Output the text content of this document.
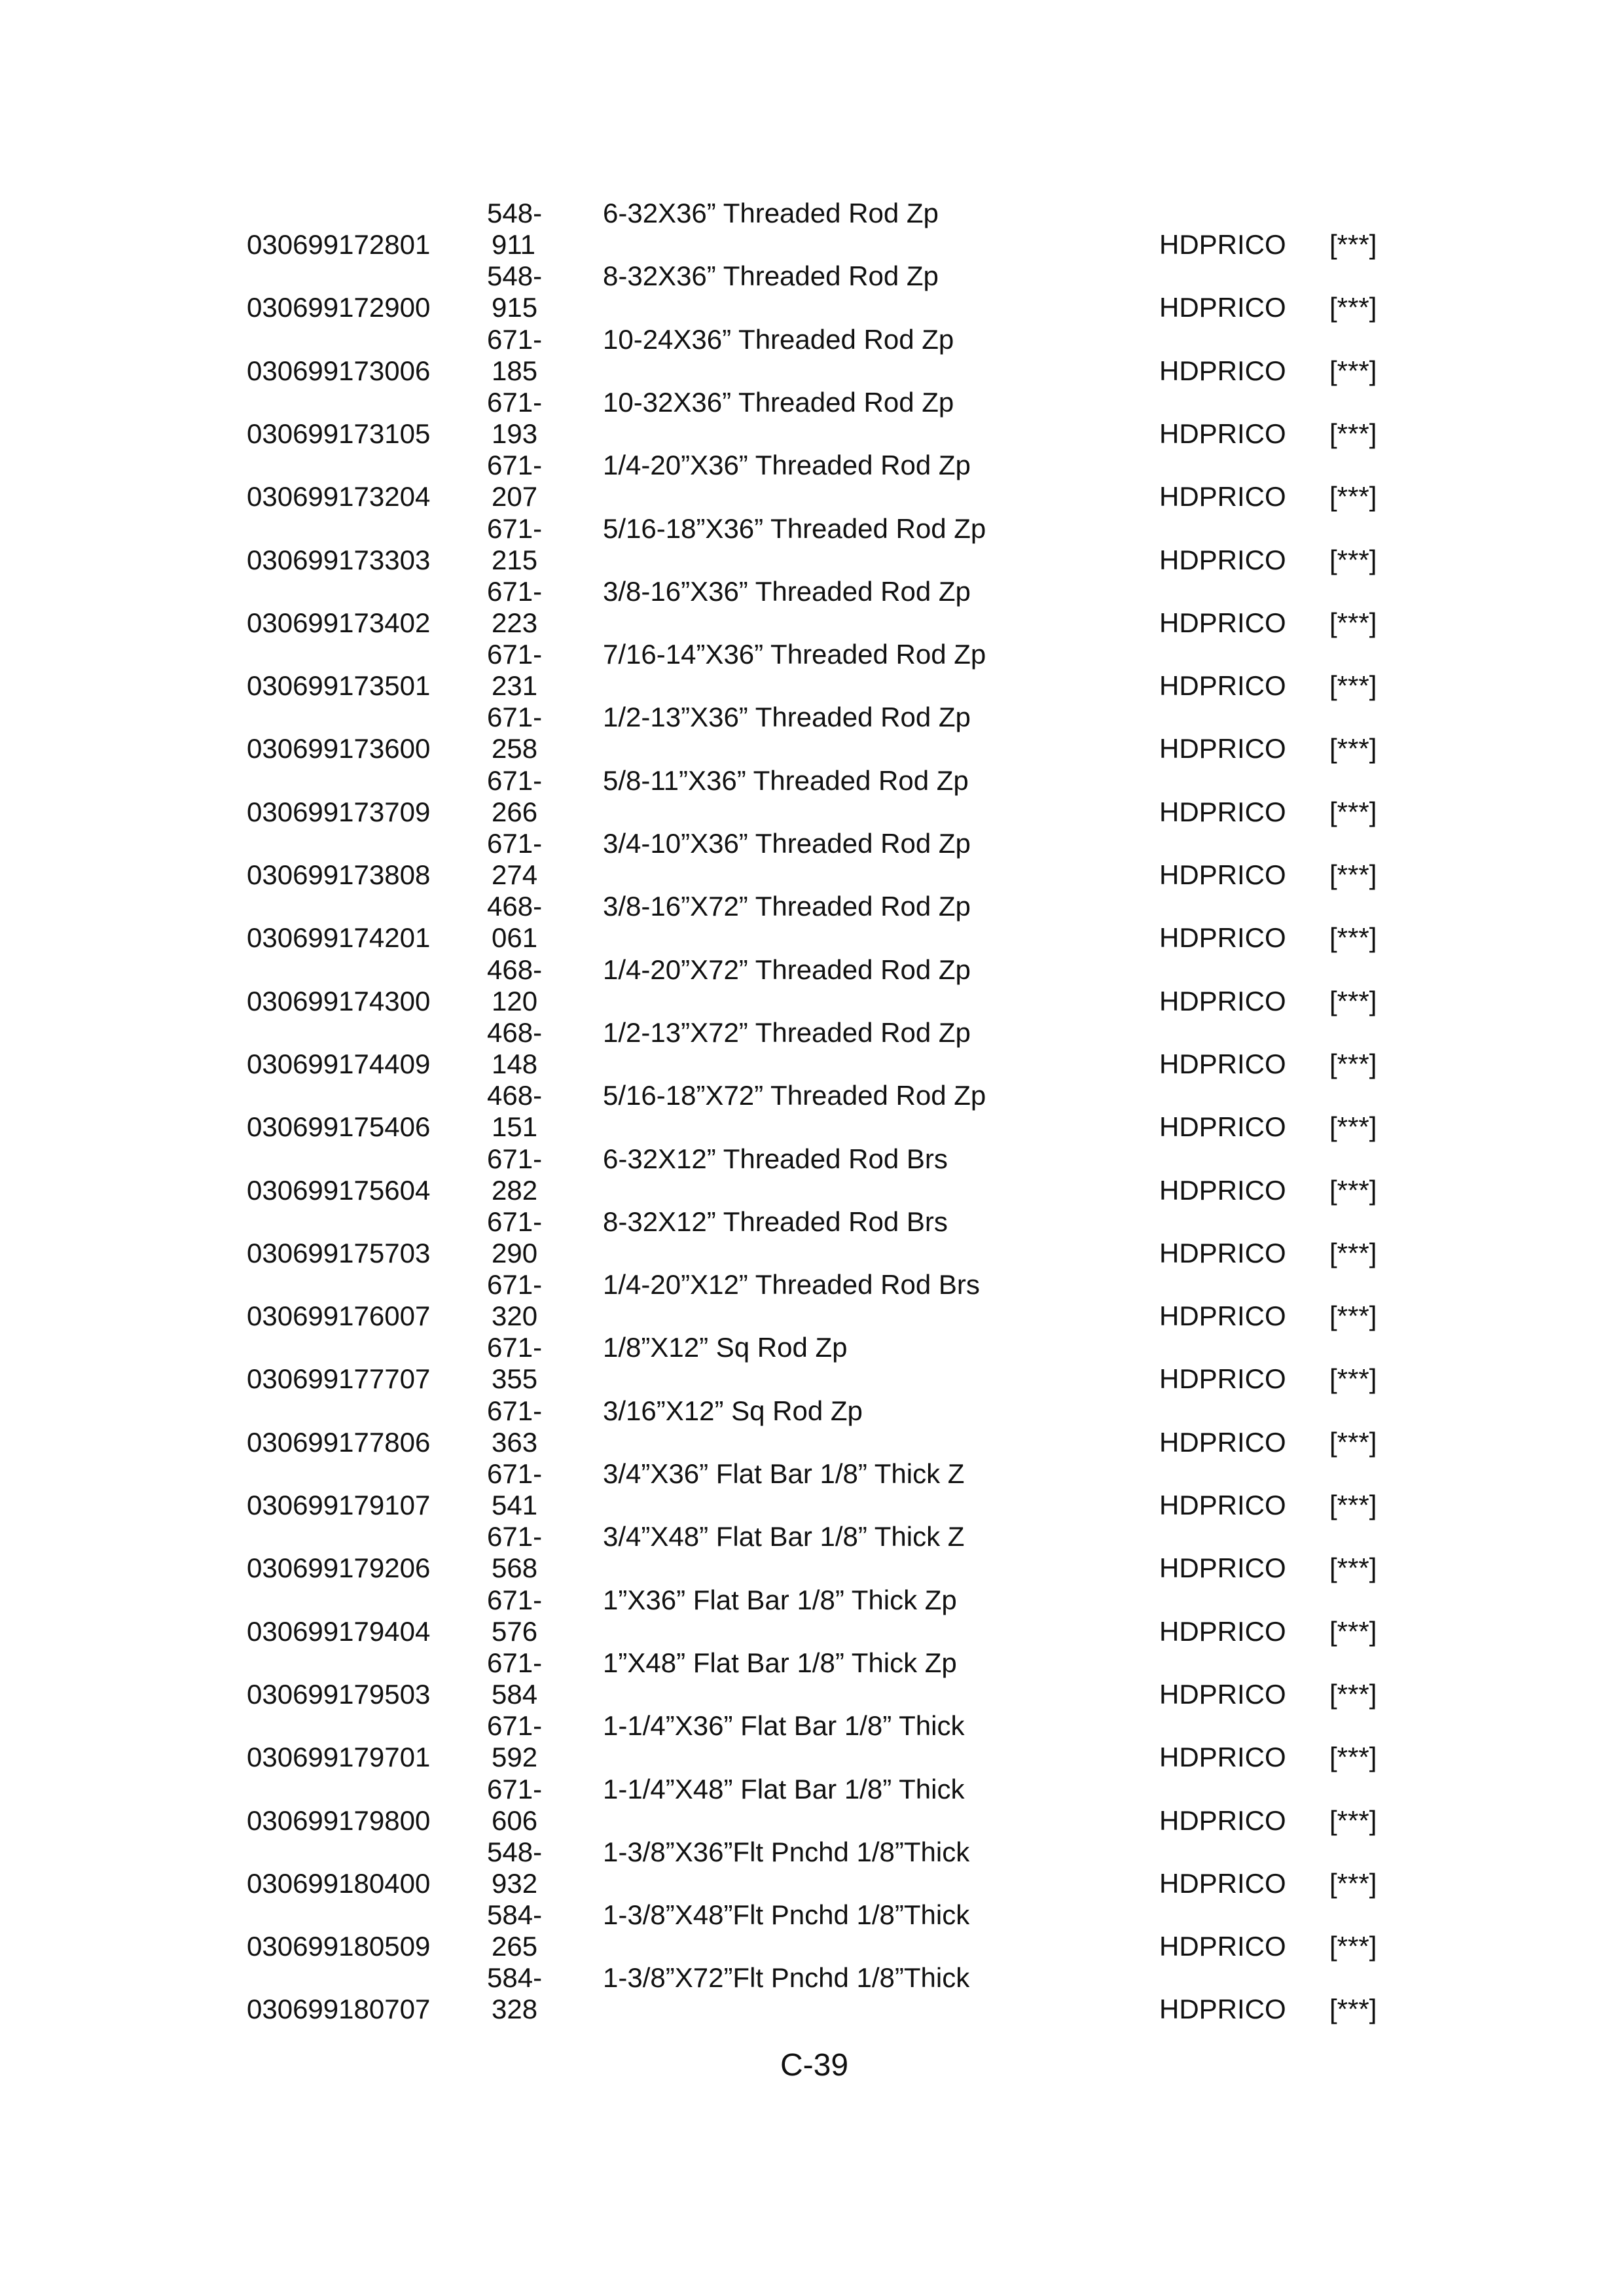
030699172801
548-
911
6-32X36” Threaded Rod Zp
HDPRICO [***]
030699172900
548-
915
8-32X36” Threaded Rod Zp
HDPRICO [***]
030699173006
671-
185
10-24X36” Threaded Rod Zp
HDPRICO [***]
030699173105
671-
193
10-32X36” Threaded Rod Zp
HDPRICO [***]
030699173204
671-
207
1/4-20”X36” Threaded Rod Zp
HDPRICO [***]
030699173303
671-
215
5/16-18”X36” Threaded Rod Zp
HDPRICO [***]
030699173402
671-
223
3/8-16”X36” Threaded Rod Zp
HDPRICO [***]
030699173501
671-
231
7/16-14”X36” Threaded Rod Zp
HDPRICO [***]
030699173600
671-
258
1/2-13”X36” Threaded Rod Zp
HDPRICO [***]
030699173709
671-
266
5/8-11”X36” Threaded Rod Zp
HDPRICO [***]
030699173808
671-
274
3/4-10”X36” Threaded Rod Zp
HDPRICO [***]
030699174201
468-
061
3/8-16”X72” Threaded Rod Zp
HDPRICO [***]
030699174300
468-
120
1/4-20”X72” Threaded Rod Zp
HDPRICO [***]
030699174409
468-
148
1/2-13”X72” Threaded Rod Zp
HDPRICO [***]
030699175406
468-
151
5/16-18”X72” Threaded Rod Zp
HDPRICO [***]
030699175604
671-
282
6-32X12” Threaded Rod Brs
HDPRICO [***]
030699175703
671-
290
8-32X12” Threaded Rod Brs
HDPRICO [***]
030699176007
671-
320
1/4-20”X12” Threaded Rod Brs
HDPRICO [***]
030699177707
671-
355
1/8”X12” Sq Rod Zp
HDPRICO [***]
030699177806
671-
363
3/16”X12” Sq Rod Zp
HDPRICO [***]
030699179107
671-
541
3/4”X36” Flat Bar 1/8” Thick Z
HDPRICO [***]
030699179206
671-
568
3/4”X48” Flat Bar 1/8” Thick Z
HDPRICO [***]
030699179404
671-
576
1”X36” Flat Bar 1/8” Thick Zp
HDPRICO [***]
030699179503
671-
584
1”X48” Flat Bar 1/8” Thick Zp
HDPRICO [***]
030699179701
671-
592
1-1/4”X36” Flat Bar 1/8” Thick
HDPRICO [***]
030699179800
671-
606
1-1/4”X48” Flat Bar 1/8” Thick
HDPRICO [***]
030699180400
548-
932
1-3/8”X36”Flt Pnchd 1/8”Thick
HDPRICO [***]
030699180509
584-
265
1-3/8”X48”Flt Pnchd 1/8”Thick
HDPRICO [***]
030699180707
584-
328
1-3/8”X72”Flt Pnchd 1/8”Thick
HDPRICO [***]
C-39
